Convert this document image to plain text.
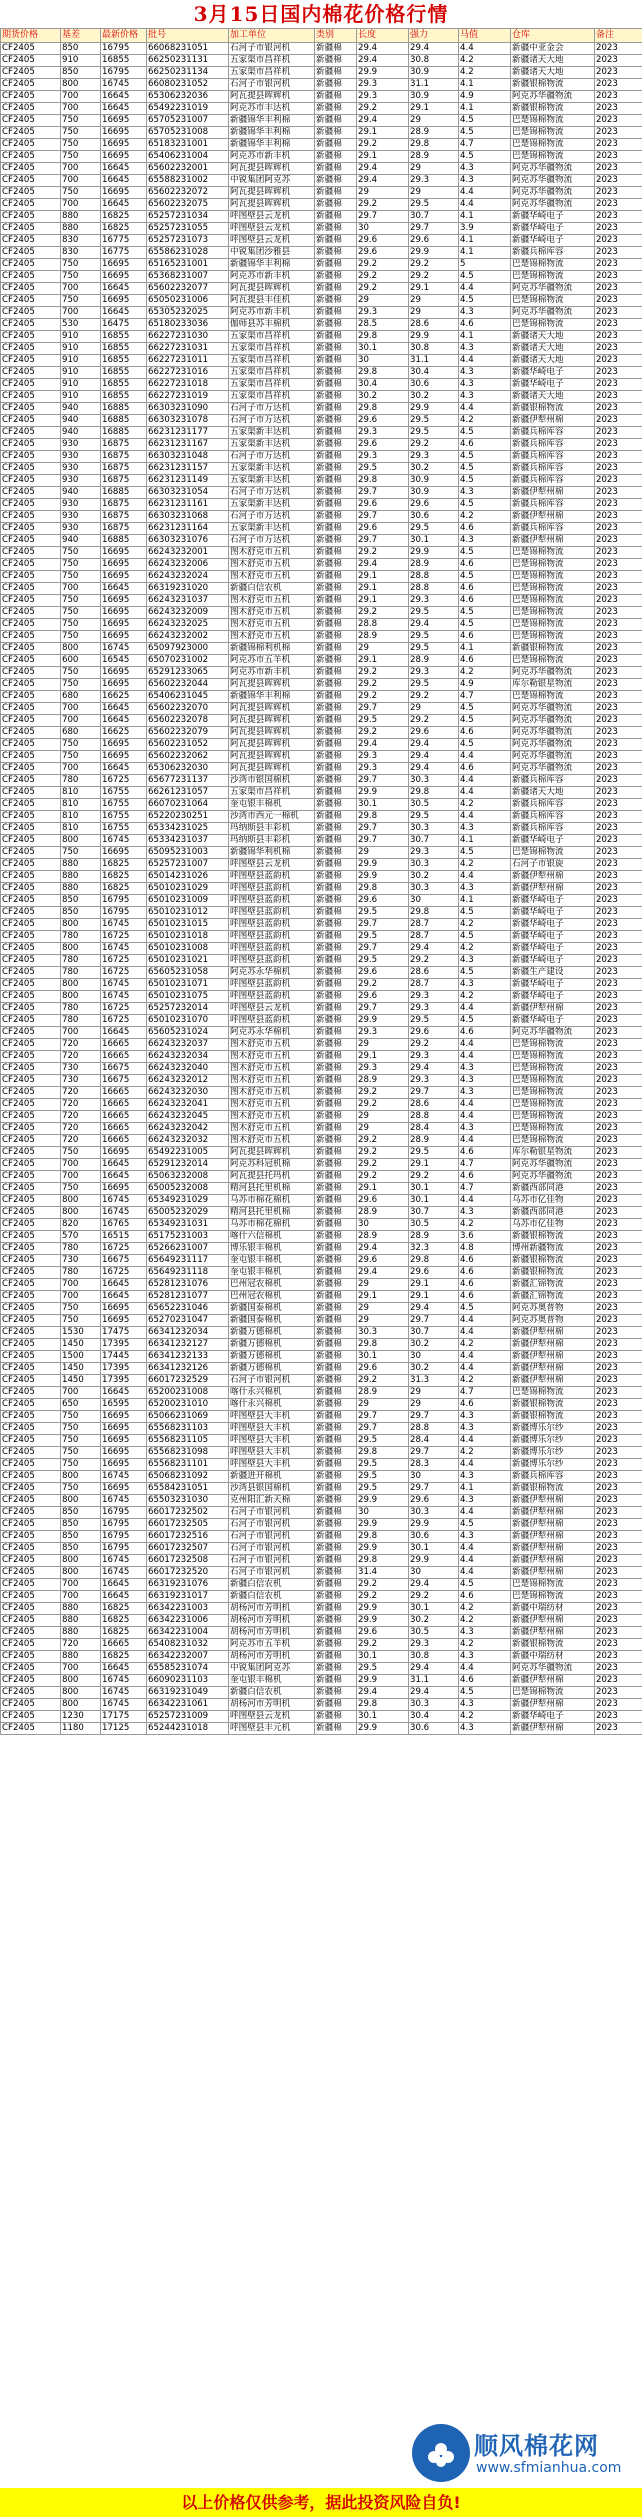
3月15日国内棉花价格行情
期货价格	基差	最新价格	批号	加工单位	类别	长度	强力	马值	仓库	备注
CF2405	850	16795	66068231051	石河子市银河机	新疆棉	29.4	29.4	4.4	新疆中亚金会	2023
CF2405	910	16855	66250231131	五家渠市昌祥机	新疆棉	29.4	30.8	4.2	新疆诸天大地	2023
CF2405	850	16795	66250231134	五家渠市昌祥机	新疆棉	29.9	30.9	4.2	新疆诸天大地	2023
CF2405	800	16745	66080231052	石河子市银河机	新疆棉	29.3	31.1	4.1	新疆银棉物流	2023
CF2405	700	16645	65306232036	阿瓦提县晖辉机	新疆棉	29.3	30.9	4.9	阿克苏华疆物流	2023
CF2405	700	16645	65492231019	阿克苏市丰达机	新疆棉	29.2	29.1	4.1	新疆银棉物流	2023
CF2405	750	16695	65705231007	新疆锦华丰利棉	新疆棉	29.4	29	4.5	巴楚锦棉物流	2023
CF2405	750	16695	65705231008	新疆锦华丰利棉	新疆棉	29.1	28.9	4.5	巴楚锦棉物流	2023
CF2405	750	16695	65183231001	新疆锦华丰利棉	新疆棉	29.2	29.8	4.7	巴楚锦棉物流	2023
CF2405	750	16695	65406231004	阿克苏市新丰机	新疆棉	29.1	28.9	4.5	巴楚锦棉物流	2023
CF2405	700	16645	65602232001	阿瓦提县晖辉机	新疆棉	29.4	29	4.3	阿克苏华疆物流	2023
CF2405	700	16645	65588231002	中锐集团阿克苏	新疆棉	29.4	29.3	4.3	阿克苏华疆物流	2023
CF2405	750	16695	65602232072	阿瓦提县晖辉机	新疆棉	29	29	4.4	阿克苏华疆物流	2023
CF2405	700	16645	65602232075	阿瓦提县晖辉机	新疆棉	29.2	29.5	4.4	阿克苏华疆物流	2023
CF2405	880	16825	65257231034	呼图壁县云龙机	新疆棉	29.7	30.7	4.1	新疆华崎电子	2023
CF2405	880	16825	65257231055	呼图壁县云龙机	新疆棉	30	29.7	3.9	新疆华崎电子	2023
CF2405	830	16775	65257231073	呼图壁县云龙机	新疆棉	29.6	29.6	4.1	新疆华崎电子	2023
CF2405	830	16775	65586231028	中锐集团沙雅县	新疆棉	29.6	29.9	4.1	新疆兵棉库容	2023
CF2405	750	16695	65165231001	新疆锦华丰利棉	新疆棉	29.2	29.2	5	巴楚锦棉物流	2023
CF2405	750	16695	65368231007	阿克苏市新丰机	新疆棉	29.2	29.2	4.5	巴楚锦棉物流	2023
CF2405	700	16645	65602232077	阿瓦提县晖辉机	新疆棉	29.2	29.1	4.4	阿克苏华疆物流	2023
CF2405	750	16695	65050231006	阿瓦提县丰佳机	新疆棉	29	29	4.5	巴楚锦棉物流	2023
CF2405	700	16645	65305232025	阿克苏市新丰机	新疆棉	29.3	29	4.3	阿克苏华疆物流	2023
CF2405	530	16475	65180233036	伽师县苏丰棉机	新疆棉	28.5	28.6	4.6	巴楚锦棉物流	2023
CF2405	910	16855	66227231030	五家渠市昌祥机	新疆棉	29.8	29.9	4.1	新疆诸天大地	2023
CF2405	910	16855	66227231031	五家渠市昌祥机	新疆棉	30.1	30.8	4.3	新疆诸天大地	2023
CF2405	910	16855	66227231011	五家渠市昌祥机	新疆棉	30	31.1	4.4	新疆诸天大地	2023
CF2405	910	16855	66227231016	五家渠市昌祥机	新疆棉	29.8	30.4	4.3	新疆华崎电子	2023
CF2405	910	16855	66227231018	五家渠市昌祥机	新疆棉	30.4	30.6	4.3	新疆华崎电子	2023
CF2405	910	16855	66227231019	五家渠市昌祥机	新疆棉	30.2	30.2	4.3	新疆诸天大地	2023
CF2405	940	16885	66303231090	石河子市万达机	新疆棉	29.8	29.9	4.4	新疆银棉物流	2023
CF2405	940	16885	66303231078	石河子市万达机	新疆棉	29.6	29.5	4.2	新疆伊犁州棉	2023
CF2405	940	16885	66231231177	五家渠新丰达机	新疆棉	29.3	29.5	4.5	新疆兵棉库容	2023
CF2405	930	16875	66231231167	五家渠新丰达机	新疆棉	29.6	29.2	4.6	新疆兵棉库容	2023
CF2405	930	16875	66303231048	石河子市万达机	新疆棉	29.3	29.3	4.5	新疆兵棉库容	2023
CF2405	930	16875	66231231157	五家渠新丰达机	新疆棉	29.5	30.2	4.5	新疆兵棉库容	2023
CF2405	930	16875	66231231149	五家渠新丰达机	新疆棉	29.8	30.9	4.5	新疆兵棉库容	2023
CF2405	940	16885	66303231054	石河子市万达机	新疆棉	29.7	30.9	4.3	新疆伊犁州棉	2023
CF2405	930	16875	66231231161	五家渠新丰达机	新疆棉	29.6	29.6	4.5	新疆兵棉库容	2023
CF2405	930	16875	66303231068	石河子市万达机	新疆棉	29.7	30.6	4.2	新疆伊犁州棉	2023
CF2405	930	16875	66231231164	五家渠新丰达机	新疆棉	29.6	29.5	4.6	新疆兵棉库容	2023
CF2405	940	16885	66303231076	石河子市万达机	新疆棉	29.7	30.1	4.3	新疆伊犁州棉	2023
CF2405	750	16695	66243232001	图木舒克市五机	新疆棉	29.2	29.9	4.5	巴楚锦棉物流	2023
CF2405	750	16695	66243232006	图木舒克市五机	新疆棉	29.4	28.9	4.6	巴楚锦棉物流	2023
CF2405	750	16695	66243232024	图木舒克市五机	新疆棉	29.1	28.8	4.5	巴楚锦棉物流	2023
CF2405	700	16645	66319231020	新疆白信农机	新疆棉	29.1	28.8	4.6	巴楚锦棉物流	2023
CF2405	750	16695	66243231037	图木舒克市五机	新疆棉	29.1	29.3	4.6	巴楚锦棉物流	2023
CF2405	750	16695	66243232009	图木舒克市五机	新疆棉	29.2	29.5	4.5	巴楚锦棉物流	2023
CF2405	750	16695	66243232025	图木舒克市五机	新疆棉	28.8	29.4	4.5	巴楚锦棉物流	2023
CF2405	750	16695	66243232002	图木舒克市五机	新疆棉	28.9	29.5	4.6	巴楚锦棉物流	2023
CF2405	800	16745	65097923000	新疆锦棉利机棉	新疆棉	29	29.5	4.1	新疆银棉物流	2023
CF2405	600	16545	65070231002	阿克苏市五羊机	新疆棉	29.1	28.9	4.6	巴楚锦棉物流	2023
CF2405	750	16695	65291233065	阿克苏市新丰机	新疆棉	29.2	29.3	4.2	阿克苏华疆物流	2023
CF2405	750	16695	65602232044	阿瓦提县晖辉机	新疆棉	29.2	29.5	4.9	库尔勒银星物流	2023
CF2405	680	16625	65406231045	新疆锦华丰利棉	新疆棉	29.2	29.2	4.7	巴楚锦棉物流	2023
CF2405	700	16645	65602232070	阿瓦提县晖辉机	新疆棉	29.7	29	4.5	阿克苏华疆物流	2023
CF2405	700	16645	65602232078	阿瓦提县晖辉机	新疆棉	29.5	29.2	4.5	阿克苏华疆物流	2023
CF2405	680	16625	65602232079	阿瓦提县晖辉机	新疆棉	29.2	29.6	4.6	阿克苏华疆物流	2023
CF2405	750	16695	65602231052	阿瓦提县晖辉机	新疆棉	29.4	29.4	4.5	阿克苏华疆物流	2023
CF2405	750	16695	65602232062	阿瓦提县晖辉机	新疆棉	29.3	29.4	4.4	阿克苏华疆物流	2023
CF2405	700	16645	65306232030	阿瓦提县晖辉机	新疆棉	29.3	29.4	4.6	阿克苏华疆物流	2023
CF2405	780	16725	65677231137	沙湾市银国棉机	新疆棉	29.7	30.3	4.4	新疆兵棉库容	2023
CF2405	810	16755	66261231057	五家渠市昌祥机	新疆棉	29.9	29.8	4.4	新疆诸天大地	2023
CF2405	810	16755	66070231064	奎屯银丰棉机	新疆棉	30.1	30.5	4.2	新疆兵棉库容	2023
CF2405	810	16755	65220230251	沙湾市西元一棉机	新疆棉	29.8	29.5	4.4	新疆兵棉库容	2023
CF2405	810	16755	65334231025	玛纳斯县丰彩机	新疆棉	29.7	30.3	4.3	新疆兵棉库容	2023
CF2405	800	16745	65334231037	玛纳斯县丰彩机	新疆棉	29.7	30.7	4.1	新疆华崎电子	2023
CF2405	750	16695	65095231003	新疆锦华利机棉	新疆棉	29	29.3	4.5	巴楚锦棉物流	2023
CF2405	880	16825	65257231007	呼图壁县云龙机	新疆棉	29.9	30.3	4.2	石河子市银旋	2023
CF2405	880	16825	65014231026	呼图壁县蓝韵机	新疆棉	29.9	30.2	4.4	新疆伊犁州棉	2023
CF2405	880	16825	65010231029	呼图壁县蓝韵机	新疆棉	29.8	30.3	4.3	新疆伊犁州棉	2023
CF2405	850	16795	65010231009	呼图壁县蓝韵机	新疆棉	29.6	30	4.1	新疆华崎电子	2023
CF2405	850	16795	65010231012	呼图壁县蓝韵机	新疆棉	29.5	29.8	4.5	新疆华崎电子	2023
CF2405	800	16745	65010231015	呼图壁县蓝韵机	新疆棉	29.7	28.7	4.2	新疆华崎电子	2023
CF2405	780	16725	65010231018	呼图壁县蓝韵机	新疆棉	29.5	28.7	4.5	新疆华崎电子	2023
CF2405	800	16745	65010231008	呼图壁县蓝韵机	新疆棉	29.7	29.4	4.2	新疆华崎电子	2023
CF2405	780	16725	65010231021	呼图壁县蓝韵机	新疆棉	29.5	29.2	4.3	新疆华崎电子	2023
CF2405	780	16725	65605231058	阿克苏永华棉机	新疆棉	29.6	28.6	4.5	新疆生产建设	2023
CF2405	800	16745	65010231071	呼图壁县蓝韵机	新疆棉	29.2	28.7	4.3	新疆华崎电子	2023
CF2405	800	16745	65010231075	呼图壁县蓝韵机	新疆棉	29.6	29.3	4.2	新疆华崎电子	2023
CF2405	780	16725	65257232014	呼图壁县云龙机	新疆棉	29.7	29.3	4.4	新疆伊犁州棉	2023
CF2405	780	16725	65010231070	呼图壁县蓝韵机	新疆棉	29.9	29.5	4.5	新疆华崎电子	2023
CF2405	700	16645	65605231024	阿克苏永华棉机	新疆棉	29.3	29.6	4.6	阿克苏华疆物流	2023
CF2405	720	16665	66243232037	图木舒克市五机	新疆棉	29	29.2	4.4	巴楚锦棉物流	2023
CF2405	720	16665	66243232034	图木舒克市五机	新疆棉	29.1	29.3	4.4	巴楚锦棉物流	2023
CF2405	730	16675	66243232040	图木舒克市五机	新疆棉	29.3	29.4	4.3	巴楚锦棉物流	2023
CF2405	730	16675	66243232012	图木舒克市五机	新疆棉	28.9	29.3	4.3	巴楚锦棉物流	2023
CF2405	720	16665	66243232030	图木舒克市五机	新疆棉	29.2	29.7	4.3	巴楚锦棉物流	2023
CF2405	720	16665	66243232041	图木舒克市五机	新疆棉	29.2	28.6	4.4	巴楚锦棉物流	2023
CF2405	720	16665	66243232045	图木舒克市五机	新疆棉	29	28.8	4.4	巴楚锦棉物流	2023
CF2405	720	16665	66243232042	图木舒克市五机	新疆棉	29	28.4	4.3	巴楚锦棉物流	2023
CF2405	720	16665	66243232032	图木舒克市五机	新疆棉	29.2	28.9	4.4	巴楚锦棉物流	2023
CF2405	750	16695	65492231005	阿瓦提县晖辉机	新疆棉	29.2	29.5	4.6	库尔勒银星物流	2023
CF2405	700	16645	65291232014	阿克苏科冠机棉	新疆棉	29.2	29.1	4.7	阿克苏华疆物流	2023
CF2405	700	16645	65063232008	阿瓦提县托玛机	新疆棉	29.2	29.2	4.6	阿克苏华疆物流	2023
CF2405	750	16695	65005232008	精河县托里机棉	新疆棉	29.1	30.1	4.7	新疆西部同港	2023
CF2405	800	16745	65349231029	乌苏市棉花棉机	新疆棉	29.6	30.1	4.4	乌苏市亿佳物	2023
CF2405	800	16745	65005232029	精河县托里机棉	新疆棉	28.9	30.7	4.3	新疆西部同港	2023
CF2405	820	16765	65349231031	乌苏市棉花棉机	新疆棉	30	30.5	4.2	乌苏市亿佳物	2023
CF2405	570	16515	65175231003	喀什六信棉机	新疆棉	28.9	28.9	3.6	新疆银棉物流	2023
CF2405	780	16725	65266231007	博乐银丰棉机	新疆棉	29.4	32.3	4.8	博州新疆物流	2023
CF2405	730	16675	65649231117	奎屯银丰棉机	新疆棉	29.6	29.8	4.6	新疆银棉物流	2023
CF2405	780	16725	65649231118	奎屯银丰棉机	新疆棉	29.4	29.6	4.6	新疆银棉物流	2023
CF2405	700	16645	65281231076	巴州冠农棉机	新疆棉	29	29.1	4.6	新疆汇锦物流	2023
CF2405	700	16645	65281231077	巴州冠农棉机	新疆棉	29.1	29.1	4.6	新疆汇锦物流	2023
CF2405	750	16695	65652231046	新疆国泰棉机	新疆棉	29	29.4	4.5	阿克苏奥普物	2023
CF2405	750	16695	65270231047	新疆国泰棉机	新疆棉	29	29.7	4.4	阿克苏奥普物	2023
CF2405	1530	17475	66341232034	新疆万德棉机	新疆棉	30.3	30.7	4.4	新疆伊犁州棉	2023
CF2405	1450	17395	66341232127	新疆万德棉机	新疆棉	29.8	30.2	4.2	新疆伊犁州棉	2023
CF2405	1500	17445	66341232133	新疆万德棉机	新疆棉	30.1	30	4.4	新疆伊犁州棉	2023
CF2405	1450	17395	66341232126	新疆万德棉机	新疆棉	29.6	30.2	4.4	新疆伊犁州棉	2023
CF2405	1450	17395	66017232529	石河子市银河机	新疆棉	29.2	31.3	4.2	新疆伊犁州棉	2023
CF2405	700	16645	65200231008	喀什永兴棉机	新疆棉	28.9	29	4.7	巴楚锦棉物流	2023
CF2405	650	16595	65200231010	喀什永兴棉机	新疆棉	29	29	4.6	新疆银棉物流	2023
CF2405	750	16695	65066231069	呼图壁县大丰机	新疆棉	29.7	29.7	4.3	新疆银棉物流	2023
CF2405	750	16695	65568231103	呼图壁县大丰机	新疆棉	29.7	28.8	4.3	新疆博乐尔纱	2023
CF2405	750	16695	65568231105	呼图壁县大丰机	新疆棉	29.5	28.4	4.4	新疆博乐尔纱	2023
CF2405	750	16695	65568231098	呼图壁县大丰机	新疆棉	29.8	29.7	4.2	新疆博乐尔纱	2023
CF2405	750	16695	65568231101	呼图壁县大丰机	新疆棉	29.5	28.3	4.4	新疆博乐尔纱	2023
CF2405	800	16745	65068231092	新疆进开棉机	新疆棉	29.5	30	4.3	新疆兵棉库容	2023
CF2405	750	16695	65584231051	沙湾县银国棉机	新疆棉	29.5	29.7	4.1	新疆银棉物流	2023
CF2405	800	16745	65503231030	克州阳汇新天棉	新疆棉	29.9	29.6	4.3	新疆伊犁州棉	2023
CF2405	850	16795	66017232502	石河子市银河机	新疆棉	30	30.3	4.4	新疆伊犁州棉	2023
CF2405	850	16795	66017232505	石河子市银河机	新疆棉	29.9	29.9	4.5	新疆伊犁州棉	2023
CF2405	850	16795	66017232516	石河子市银河机	新疆棉	29.8	30.6	4.3	新疆伊犁州棉	2023
CF2405	850	16795	66017232507	石河子市银河机	新疆棉	29.9	30.1	4.4	新疆伊犁州棉	2023
CF2405	800	16745	66017232508	石河子市银河机	新疆棉	29.8	29.9	4.4	新疆伊犁州棉	2023
CF2405	800	16745	66017232520	石河子市银河机	新疆棉	31.4	30	4.4	新疆伊犁州棉	2023
CF2405	700	16645	66319231076	新疆白信农机	新疆棉	29.2	29.4	4.5	巴楚锦棉物流	2023
CF2405	700	16645	66319231017	新疆白信农机	新疆棉	29.2	29.2	4.6	巴楚锦棉物流	2023
CF2405	880	16825	66342231003	胡杨河市芳明机	新疆棉	29.9	30.1	4.2	新疆中瑞纺材	2023
CF2405	880	16825	66342231006	胡杨河市芳明机	新疆棉	29.9	30.2	4.2	新疆伊犁州棉	2023
CF2405	880	16825	66342231004	胡杨河市芳明机	新疆棉	29.6	30.5	4.3	新疆伊犁州棉	2023
CF2405	720	16665	65408231032	阿克苏市五羊机	新疆棉	29.2	29.3	4.2	新疆银棉物流	2023
CF2405	880	16825	66342232007	胡杨河市芳明机	新疆棉	30.1	30.8	4.3	新疆中瑞纺材	2023
CF2405	700	16645	65585231074	中锐集团阿克苏	新疆棉	29.5	29.4	4.4	阿克苏华疆物流	2023
CF2405	800	16745	66090231103	奎屯银丰棉机	新疆棉	29.9	31.1	4.6	新疆伊犁州棉	2023
CF2405	800	16745	66319231049	新疆白信农机	新疆棉	29.4	29.4	4.5	巴楚锦棉物流	2023
CF2405	800	16745	66342231061	胡杨河市芳明机	新疆棉	29.8	30.3	4.3	新疆伊犁州棉	2023
CF2405	1230	17175	65257231009	呼图壁县云龙机	新疆棉	30.1	30.4	4.2	新疆华崎电子	2023
CF2405	1180	17125	65244231018	呼图壁县丰元机	新疆棉	29.9	30.6	4.3	新疆伊犁州棉	2023
顺风棉花网
www.sfmianhua.com
以上价格仅供参考，据此投资风险自负!
